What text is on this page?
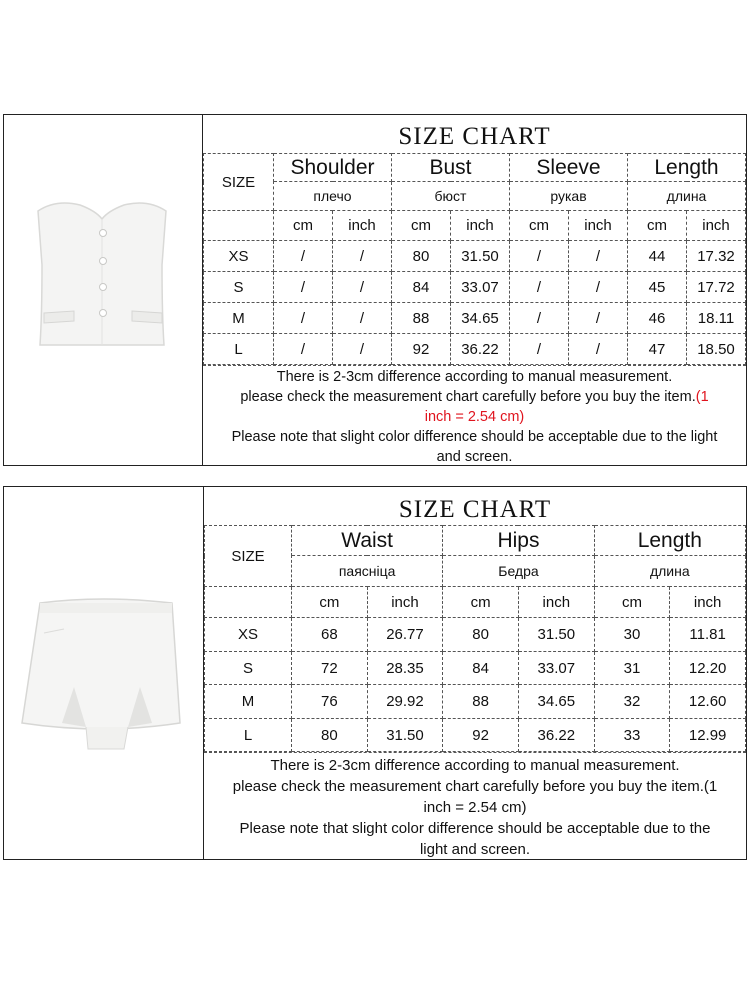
SIZE CHART
SIZE	Shoulder		Bust		Sleeve		Length	
	плечо		бюст		рукав		длина	
	cm	inch	cm	inch	cm	inch	cm	inch
XS	/	/	80	31.50	/	/	44	17.32
S	/	/	84	33.07	/	/	45	17.72
M	/	/	88	34.65	/	/	46	18.11
L	/	/	92	36.22	/	/	47	18.50
There is 2-3cm difference according to manual measurement.
please check the measurement chart carefully before you buy the item.(1
inch = 2.54 cm)
Please note that slight color difference should be acceptable due to the light
and screen.
SIZE CHART
SIZE	Waist		Hips		Length	
	паясніца		Бедра		длина	
	cm	inch	cm	inch	cm	inch
XS	68	26.77	80	31.50	30	11.81
S	72	28.35	84	33.07	31	12.20
M	76	29.92	88	34.65	32	12.60
L	80	31.50	92	36.22	33	12.99
There is 2-3cm difference according to manual measurement.
please check the measurement chart carefully before you buy the item.(1
inch = 2.54 cm)
Please note that slight color difference should be acceptable due to the
light and screen.
